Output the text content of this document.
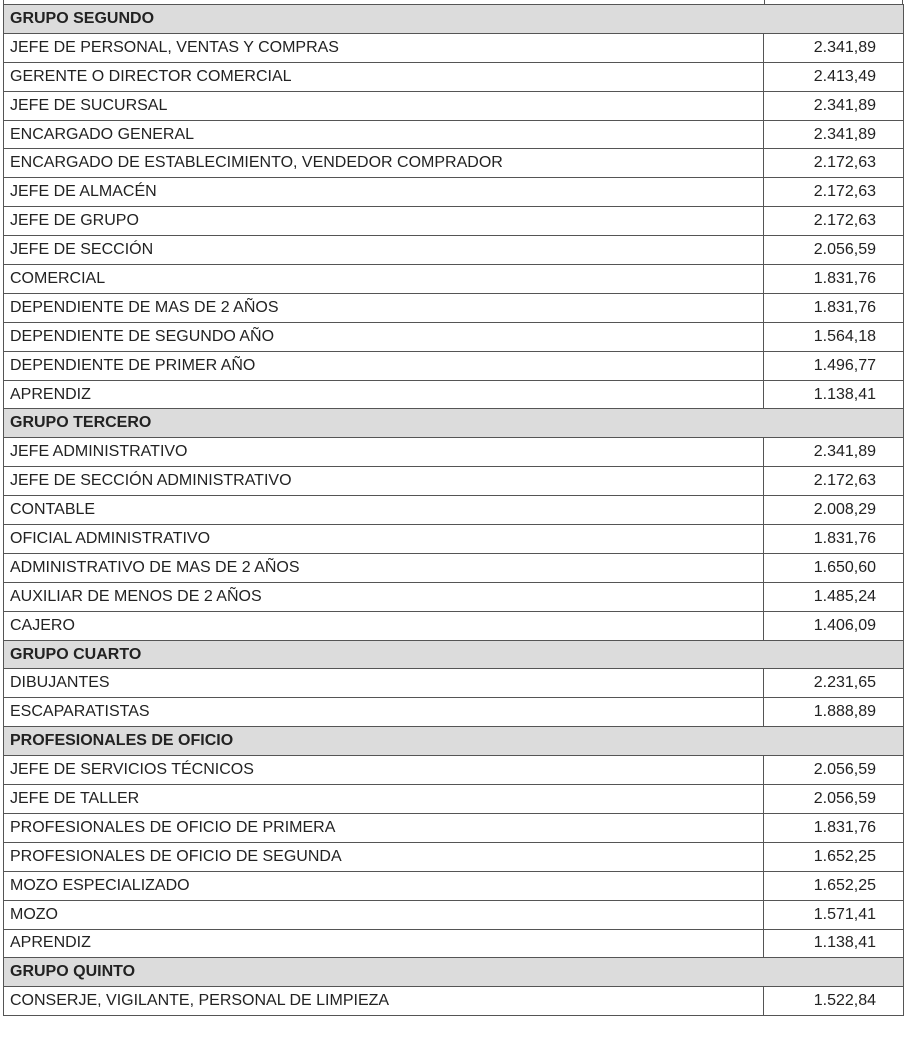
GRUPO SEGUNDO	
JEFE DE PERSONAL, VENTAS Y COMPRAS	2.341,89
GERENTE O DIRECTOR COMERCIAL	2.413,49
JEFE DE SUCURSAL	2.341,89
ENCARGADO GENERAL	2.341,89
ENCARGADO DE ESTABLECIMIENTO, VENDEDOR COMPRADOR	2.172,63
JEFE DE ALMACÉN	2.172,63
JEFE DE GRUPO	2.172,63
JEFE DE SECCIÓN	2.056,59
COMERCIAL	1.831,76
DEPENDIENTE DE MAS DE 2 AÑOS	1.831,76
DEPENDIENTE DE SEGUNDO AÑO	1.564,18
DEPENDIENTE DE PRIMER AÑO	1.496,77
APRENDIZ	1.138,41
GRUPO TERCERO	
JEFE ADMINISTRATIVO	2.341,89
JEFE DE SECCIÓN ADMINISTRATIVO	2.172,63
CONTABLE	2.008,29
OFICIAL ADMINISTRATIVO	1.831,76
ADMINISTRATIVO DE MAS DE 2 AÑOS	1.650,60
AUXILIAR DE MENOS DE 2 AÑOS	1.485,24
CAJERO	1.406,09
GRUPO CUARTO	
DIBUJANTES	2.231,65
ESCAPARATISTAS	1.888,89
PROFESIONALES DE OFICIO	
JEFE DE SERVICIOS TÉCNICOS	2.056,59
JEFE DE TALLER	2.056,59
PROFESIONALES DE OFICIO DE PRIMERA	1.831,76
PROFESIONALES DE OFICIO DE SEGUNDA	1.652,25
MOZO ESPECIALIZADO	1.652,25
MOZO	1.571,41
APRENDIZ	1.138,41
GRUPO QUINTO	
CONSERJE, VIGILANTE, PERSONAL DE LIMPIEZA	1.522,84
